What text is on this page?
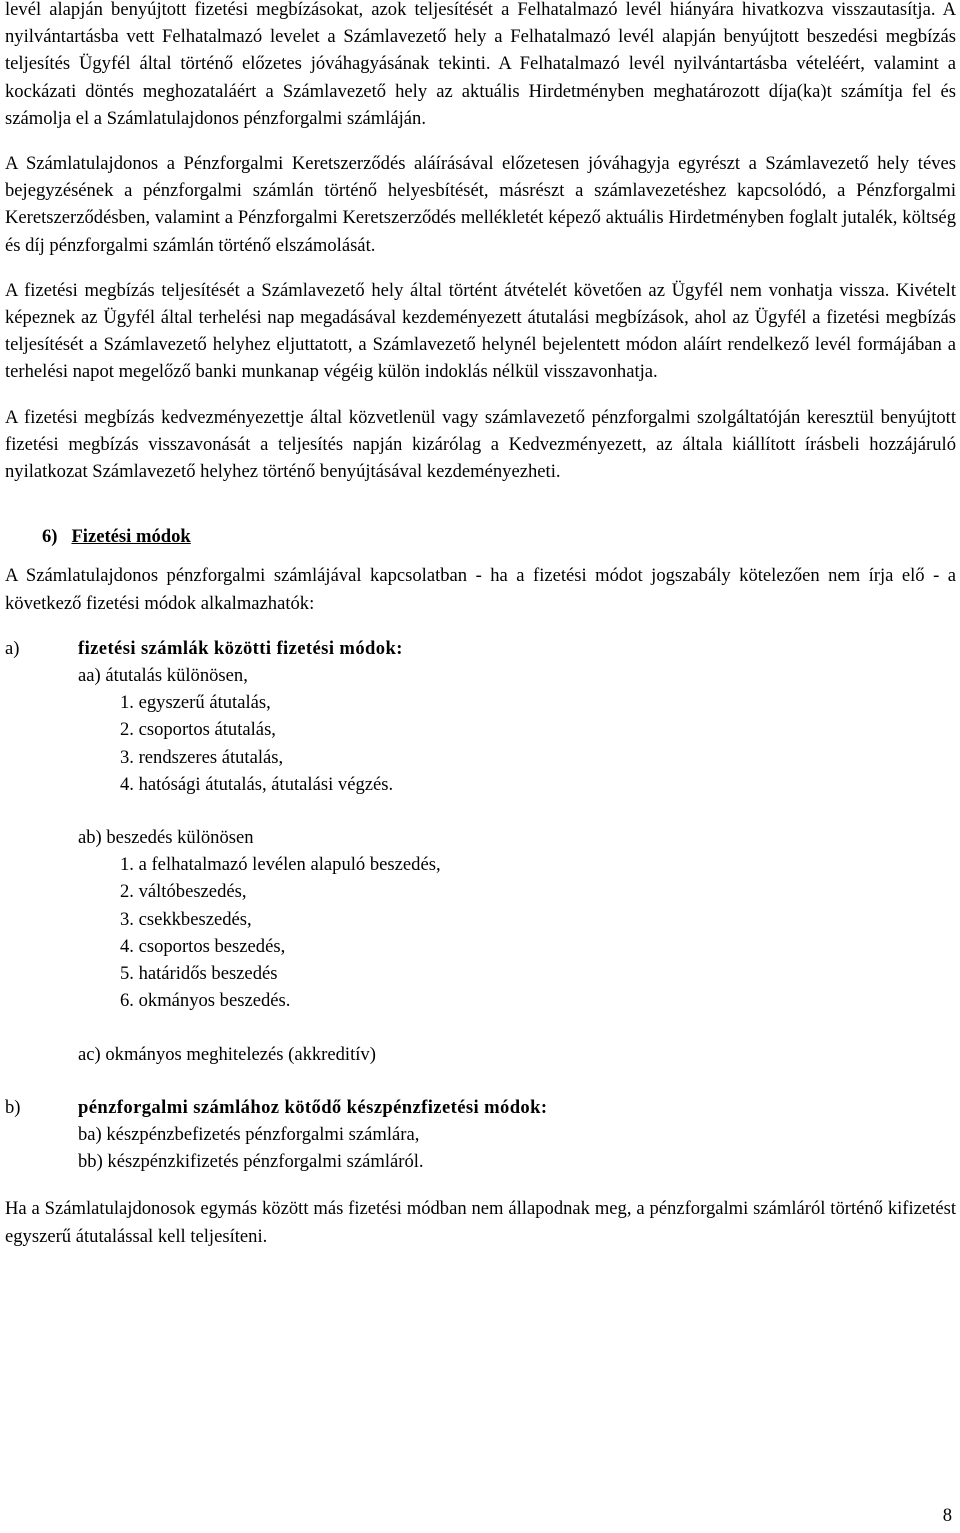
levél alapján benyújtott fizetési megbízásokat, azok teljesítését a Felhatalmazó levél hiányára hivatkozva visszautasítja. A nyilvántartásba vett Felhatalmazó levelet a Számlavezető hely a Felhatalmazó levél alapján benyújtott beszedési megbízás teljesítés Ügyfél által történő előzetes jóváhagyásának tekinti. A Felhatalmazó levél nyilvántartásba vételéért, valamint a kockázati döntés meghozataláért a Számlavezető hely az aktuális Hirdetményben meghatározott díja(ka)t számítja fel és számolja el a Számlatulajdonos pénzforgalmi számláján.

A Számlatulajdonos a Pénzforgalmi Keretszerződés aláírásával előzetesen jóváhagyja egyrészt a Számlavezető hely téves bejegyzésének a pénzforgalmi számlán történő helyesbítését, másrészt a számlavezetéshez kapcsolódó, a Pénzforgalmi Keretszerződésben, valamint a Pénzforgalmi Keretszerződés mellékletét képező aktuális Hirdetményben foglalt jutalék, költség és díj pénzforgalmi számlán történő elszámolását.

A fizetési megbízás teljesítését a Számlavezető hely által történt átvételét követően az Ügyfél nem vonhatja vissza. Kivételt képeznek az Ügyfél által terhelési nap megadásával kezdeményezett átutalási megbízások, ahol az Ügyfél a fizetési megbízás teljesítését a Számlavezető helyhez eljuttatott, a Számlavezető helynél bejelentett módon aláírt rendelkező levél formájában a terhelési napot megelőző banki munkanap végéig külön indoklás nélkül visszavonhatja.

A fizetési megbízás kedvezményezettje által közvetlenül vagy számlavezető pénzforgalmi szolgáltatóján keresztül benyújtott fizetési megbízás visszavonását a teljesítés napján kizárólag a Kedvezményezett, az általa kiállított írásbeli hozzájáruló nyilatkozat Számlavezető helyhez történő benyújtásával kezdeményezheti.

6) Fizetési módok

A Számlatulajdonos pénzforgalmi számlájával kapcsolatban - ha a fizetési módot jogszabály kötelezően nem írja elő - a következő fizetési módok alkalmazhatók:

a)	fizetési számlák közötti fizetési módok:
aa) átutalás különösen,
1. egyszerű átutalás,
2. csoportos átutalás,
3. rendszeres átutalás,
4. hatósági átutalás, átutalási végzés.
ab) beszedés különösen
1. a felhatalmazó levélen alapuló beszedés,
2. váltóbeszedés,
3. csekkbeszedés,
4. csoportos beszedés,
5. határidős beszedés
6. okmányos beszedés.
ac) okmányos meghitelezés (akkreditív)
b)	pénzforgalmi számlához kötődő készpénzfizetési módok:
ba) készpénzbefizetés pénzforgalmi számlára,
bb) készpénzkifizetés pénzforgalmi számláról.

Ha a Számlatulajdonosok egymás között más fizetési módban nem állapodnak meg, a pénzforgalmi számláról történő kifizetést egyszerű átutalással kell teljesíteni.

8
